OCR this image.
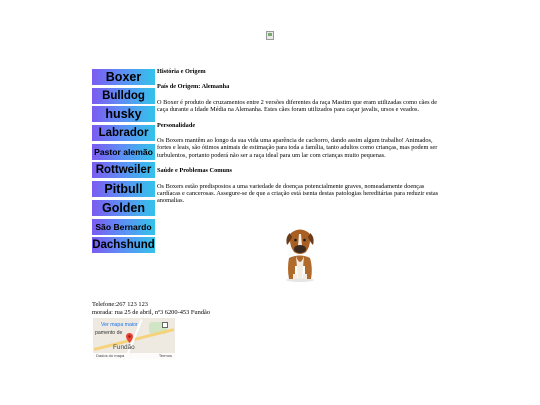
Boxer
Bulldog
husky
Labrador
Pastor alemão
Rottweiler
Pitbull
Golden
São Bernardo
Dachshund
História e Origem
País de Origem: Alemanha

O Boxer é produto de cruzamentos entre 2 versões diferentes da raça Mastim que eram utilizadas como cães de caça durante a Idade Média na Alemanha. Estes cães foram utilizados para caçar javalis, ursos e veados.

Personalidade

Os Boxers mantêm ao longo da sua vida uma aparência de cachorro, dando assim algum trabalho! Animados, fortes e leais, são ótimos animais de estimação para toda a família, tanto adultos como crianças, mas podem ser turbulentos, portanto poderá não ser a raça ideal para um lar com crianças muito pequenas.

Saúde e Problemas Comuns

Os Boxers estão predispostos a uma variedade de doenças potencialmente graves, nomeadamente doenças cardíacas e cancerosas. Assegure-se de que a criação está isenta destas patologias hereditárias para reduzir estas anomalias.

Telefone:267 123 123
morada: rua 25 de abril, nº3 6200-453 Fundão
Ver mapa maior
pamento de
Fundão
Dados do mapa	Termos
